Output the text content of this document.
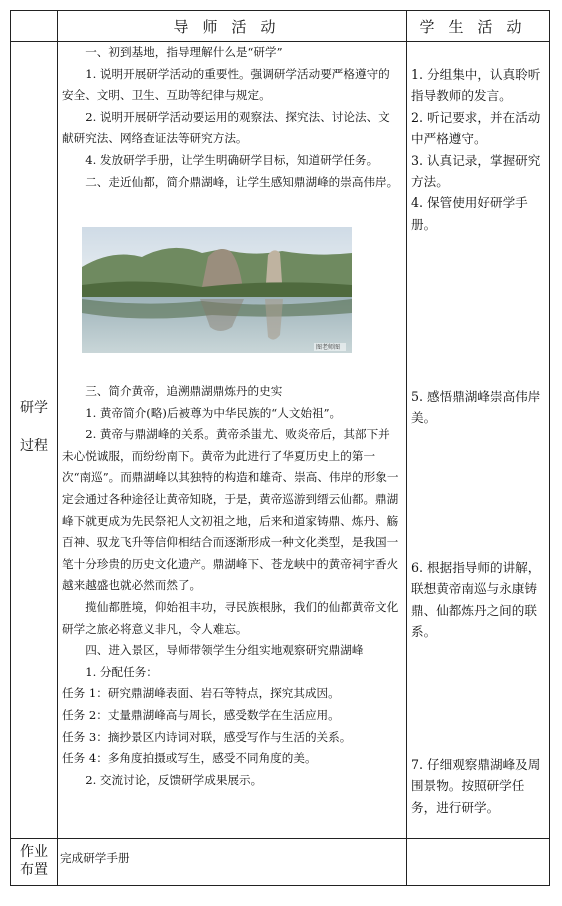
导师活动	学生活动
研学
过程
作业
布置

一、初到基地，指导理解什么是“研学”

1. 说明开展研学活动的重要性。强调研学活动要严格遵守的安全、文明、卫生、互助等纪律与规定。

2. 说明开展研学活动要运用的观察法、探究法、讨论法、文献研究法、网络查证法等研究方法。

4. 发放研学手册，让学生明确研学目标，知道研学任务。

二、走近仙都，简介鼎湖峰，让学生感知鼎湖峰的崇高伟岸。

图老师图

三、简介黄帝，追溯鼎湖鼎炼丹的史实

1. 黄帝简介(略)后被尊为中华民族的“人文始祖”。

2. 黄帝与鼎湖峰的关系。黄帝杀蚩尤、败炎帝后，其部下并未心悦诚服，而纷纷南下。黄帝为此进行了华夏历史上的第一次“南巡”。而鼎湖峰以其独特的构造和雄奇、崇高、伟岸的形象一定会通过各种途径让黄帝知晓，于是，黄帝巡游到缙云仙都。鼎湖峰下就更成为先民祭祀人文初祖之地，后来和道家铸鼎、炼丹、觞百神、驭龙飞升等信仰相结合而逐渐形成一种文化类型，是我国一笔十分珍贵的历史文化遗产。鼎湖峰下、苍龙峡中的黄帝祠宇香火越来越盛也就必然而然了。

揽仙都胜境，仰始祖丰功，寻民族根脉，我们的仙都黄帝文化研学之旅必将意义非凡，令人难忘。

四、进入景区，导师带领学生分组实地观察研究鼎湖峰

1. 分配任务：

任务 1：研究鼎湖峰表面、岩石等特点，探究其成因。

任务 2：丈量鼎湖峰高与周长，感受数学在生活应用。

任务 3：摘抄景区内诗词对联，感受写作与生活的关系。

任务 4：多角度拍摄或写生，感受不同角度的美。

2. 交流讨论，反馈研学成果展示。

1. 分组集中，认真聆听指导教师的发言。

2. 听记要求，并在活动中严格遵守。

3. 认真记录，掌握研究方法。

4. 保管使用好研学手册。

5. 感悟鼎湖峰崇高伟岸美。

6. 根据指导师的讲解，联想黄帝南巡与永康铸鼎、仙都炼丹之间的联系。

7. 仔细观察鼎湖峰及周围景物。按照研学任务，进行研学。

完成研学手册
